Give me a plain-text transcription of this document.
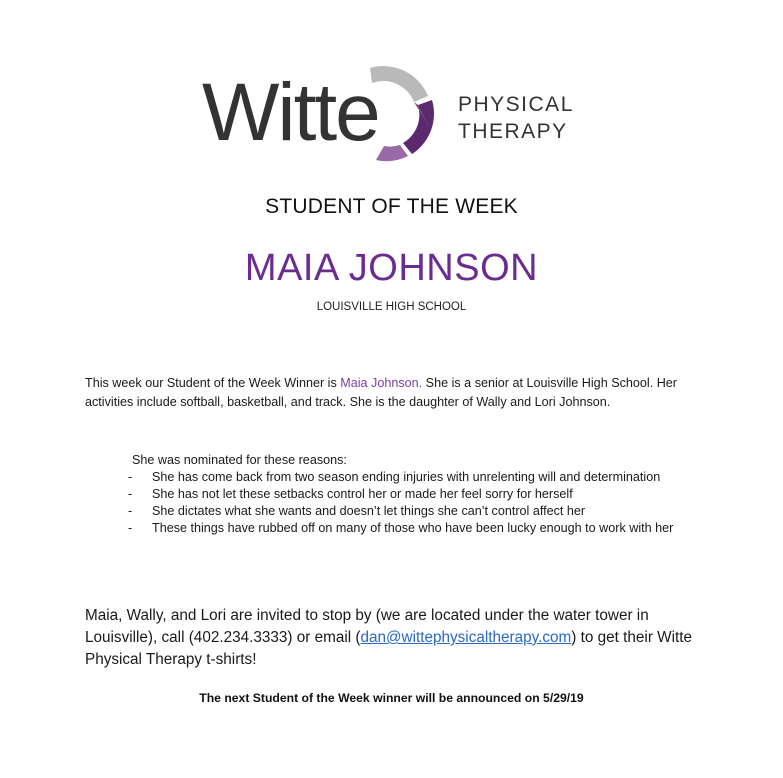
Witte	PHYSICAL
THERAPY
STUDENT OF THE WEEK
MAIA JOHNSON
LOUISVILLE HIGH SCHOOL

This week our Student of the Week Winner is Maia Johnson. She is a senior at Louisville High School. Her activities include softball, basketball, and track. She is the daughter of Wally and Lori Johnson.

She was nominated for these reasons:
- She has come back from two season ending injuries with unrelenting will and determination
- She has not let these setbacks control her or made her feel sorry for herself
- She dictates what she wants and doesn’t let things she can’t control affect her
- These things have rubbed off on many of those who have been lucky enough to work with her

Maia, Wally, and Lori are invited to stop by (we are located under the water tower in Louisville), call (402.234.3333) or email (dan@wittephysicaltherapy.com) to get their Witte Physical Therapy t-shirts!

The next Student of the Week winner will be announced on 5/29/19
